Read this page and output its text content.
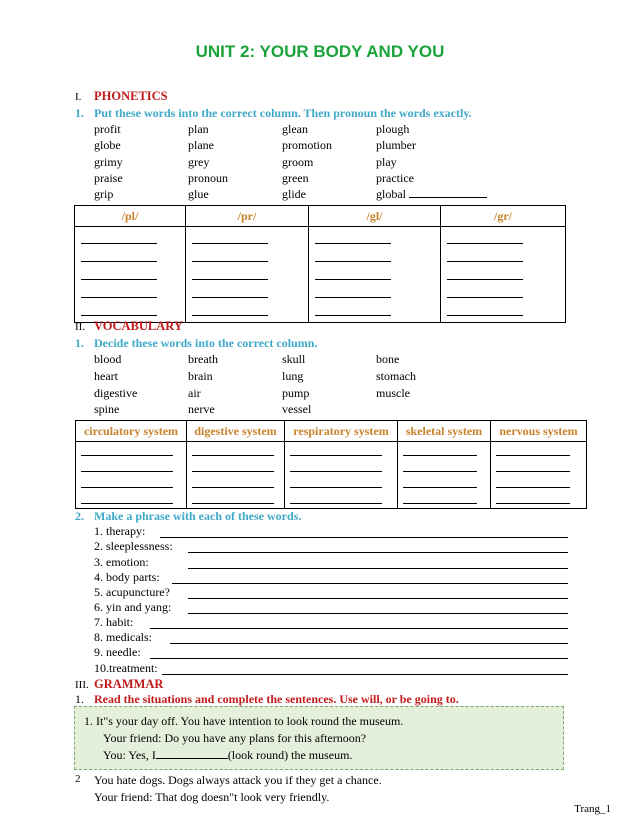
UNIT 2: YOUR BODY AND YOU
I. PHONETICS
1. Put these words into the correct column. Then pronoun the words exactly.
profit	plan	glean	plough
globe	plane	promotion	plumber
grimy	grey	groom	play
praise	pronoun	green	practice
grip	glue	glide	global
/pl/	/pr/	/gl/	/gr/

II. VOCABULARY
1. Decide these words into the correct column.
blood	breath	skull	bone
heart	brain	lung	stomach
digestive	air	pump	muscle
spine	nerve	vessel
circulatory system	digestive system	respiratory system	skeletal system	nervous system

2. Make a phrase with each of these words.
1. therapy:
2. sleeplessness:
3. emotion:
4. body parts:
5. acupuncture?
6. yin and yang:
7. habit:
8. medicals:
9. needle:
10.treatment:
III. GRAMMAR
1. Read the situations and complete the sentences. Use will, or be going to.
1. It"s your day off. You have intention to look round the museum.
Your friend: Do you have any plans for this afternoon?
You: Yes, I	(look round) the museum.
2 You hate dogs. Dogs always attack you if they get a chance.
Your friend: That dog doesn"t look very friendly.
Trang_1
